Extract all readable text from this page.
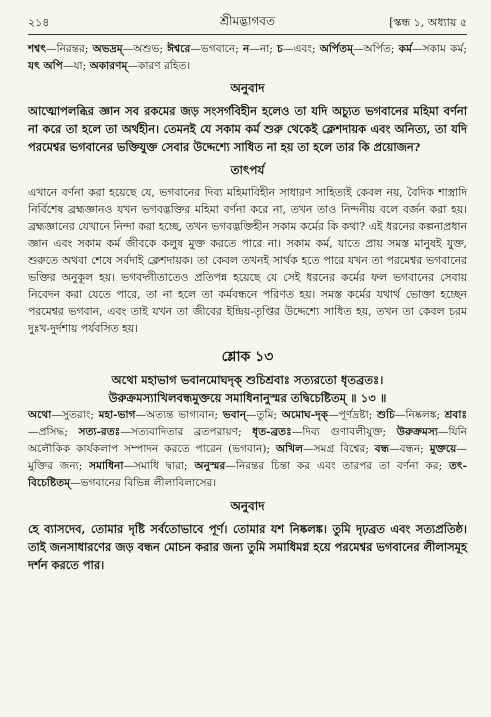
২১৪	শ্রীমদ্ভাগবত	[স্কন্ধ ১, অধ্যায় ৫

শশ্বৎ—নিরন্তর; অভদ্রম্—অশুভ; ঈশ্বরে—ভগবানে; ন—না; চ—এবং; অর্পিতম্—অর্পিত; কর্ম—সকাম কর্ম; যৎ অপি—যা; অকারণম্—কারণ রহিত।

অনুবাদ

আত্মোপলব্ধির জ্ঞান সব রকমের জড় সংসর্গবিহীন হলেও তা যদি অচ্যুত ভগবানের মহিমা বর্ণনা না করে তা হলে তা অর্থহীন। তেমনই যে সকাম কর্ম শুরু থেকেই ক্লেশদায়ক এবং অনিত্য, তা যদি পরমেশ্বর ভগবানের ভক্তিযুক্ত সেবার উদ্দেশ্যে সাধিত না হয় তা হলে তার কি প্রয়োজন?

তাৎপর্য

এখানে বর্ণনা করা হয়েছে যে, ভগবানের দিব্য মহিমাবিহীন সাধারণ সাহিত্যই কেবল নয়, বৈদিক শাস্ত্রাদি নির্বিশেষ ব্রহ্মজ্ঞানও যখন ভগবদ্ভক্তির মহিমা বর্ণনা করে না, তখন তাও নিন্দনীয় বলে বর্জন করা হয়। ব্রহ্মজ্ঞানের যেখানে নিন্দা করা হচ্ছে, তখন ভগবদ্ভক্তিহীন সকাম কর্মের কি কথা? এই ধরনের কল্পনাপ্রধান জ্ঞান এবং সকাম কর্ম জীবকে কলুষ মুক্ত করতে পারে না। সকাম কর্ম, যাতে প্রায় সমস্ত মানুষই যুক্ত, শুরুতে অথবা শেষে সর্বদাই ক্লেশদায়ক। তা কেবল তখনই সার্থক হতে পারে যখন তা পরমেশ্বর ভগবানের ভক্তির অনুকূল হয়। ভগবদ্গীতাতেও প্রতিপন্ন হয়েছে যে সেই ধরনের কর্মের ফল ভগবানের সেবায় নিবেদন করা যেতে পারে, তা না হলে তা কর্মবন্ধনে পরিণত হয়। সমস্ত কর্মের যথার্থ ভোক্তা হচ্ছেন পরমেশ্বর ভগবান, এবং তাই যখন তা জীবের ইন্দ্রিয়-তৃপ্তির উদ্দেশ্যে সাধিত হয়, তখন তা কেবল চরম দুঃখ-দুর্দশায় পর্যবসিত হয়।

শ্লোক ১৩
অথো মহাভাগ ভবানমোঘদৃক্ শুচিশ্রবাঃ সত্যরতো ধৃতব্রতঃ।
উরুক্রমস্যাখিলবন্ধমুক্তয়ে সমাধিনানুস্মর তদ্বিচেষ্টিতম্ ॥ ১৩ ॥

অথো—সুতরাং; মহা-ভাগ—অত্যন্ত ভাগ্যবান; ভবান্—তুমি; অমোঘ-দৃক্—পূর্ণদ্রষ্টা; শুচি—নিষ্কলঙ্ক; শ্রবাঃ—প্রসিদ্ধ; সত্য-রতঃ—সত্যবাদিতার ব্রতপরায়ণ; ধৃত-ব্রতঃ—দিব্য গুণাবলীযুক্ত; উরুক্রমস্য—যিনি অলৌকিক কার্যকলাপ সম্পাদন করতে পারেন (ভগবান); অখিল—সমগ্র বিশ্বের; বন্ধ—বন্ধন; মুক্তয়ে—মুক্তির জন্য; সমাধিনা—সমাধি দ্বারা; অনুস্মর—নিরন্তর চিন্তা কর এবং তারপর তা বর্ণনা কর; তৎ-বিচেষ্টিতম্—ভগবানের বিভিন্ন লীলাবিলাসের।

অনুবাদ

হে ব্যাসদেব, তোমার দৃষ্টি সর্বতোভাবে পূর্ণ। তোমার যশ নিষ্কলঙ্ক। তুমি দৃঢ়ব্রত এবং সত্যপ্রতিষ্ঠ। তাই জনসাধারণের জড় বন্ধন মোচন করার জন্য তুমি সমাধিমগ্ন হয়ে পরমেশ্বর ভগবানের লীলাসমূহ দর্শন করতে পার।
